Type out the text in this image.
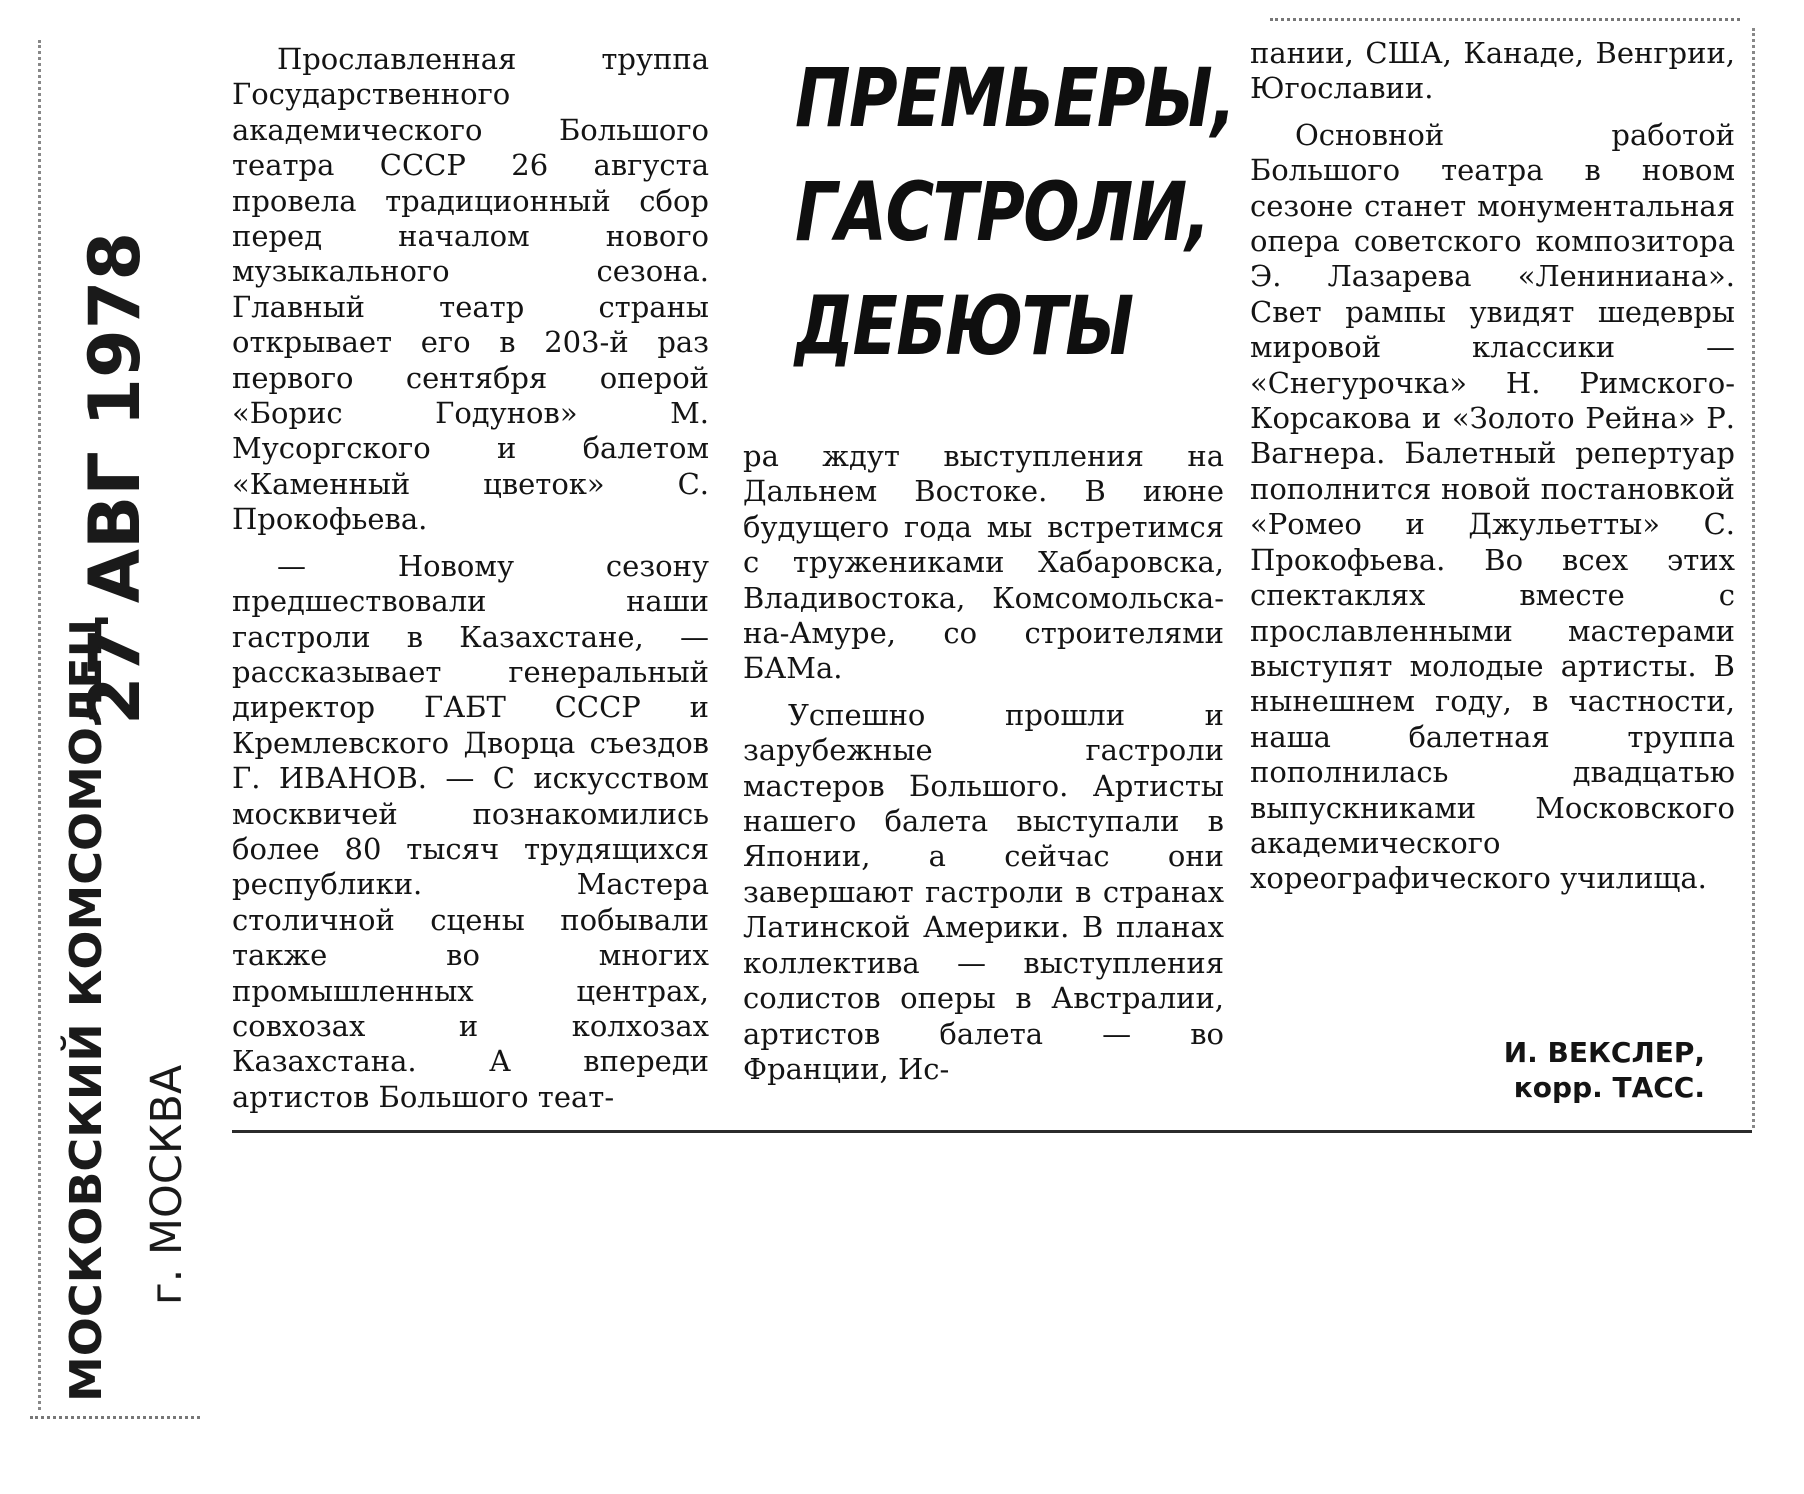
МОСКОВСКИЙ КОМСОМОЛЕЦ г. МОСКВА
27 АВГ 1978
ПРЕМЬЕРЫ,
ГАСТРОЛИ,
ДЕБЮТЫ

Прославленная труппа Государственного академического Большого театра СССР 26 августа провела традиционный сбор перед началом нового музыкального сезона. Главный театр страны открывает его в 203-й раз первого сентября оперой «Борис Годунов» М. Мусоргского и балетом «Каменный цветок» С. Прокофьева.

— Новому сезону предшествовали наши гастроли в Казахстане, — рассказывает генеральный директор ГАБТ СССР и Кремлевского Дворца съездов Г. ИВАНОВ. — С искусством москвичей познакомились более 80 тысяч трудящихся республики. Мастера столичной сцены побывали также во многих промышленных центрах, совхозах и колхозах Казахстана. А впереди артистов Большого теат-

ра ждут выступления на Дальнем Востоке. В июне будущего года мы встретимся с тружениками Хабаровска, Владивостока, Комсомольска-на-Амуре, со строителями БАМа.

Успешно прошли и зарубежные гастроли мастеров Большого. Артисты нашего балета выступали в Японии, а сейчас они завершают гастроли в странах Латинской Америки. В планах коллектива — выступления солистов оперы в Австралии, артистов балета — во Франции, Ис-

пании, США, Канаде, Венгрии, Югославии.

Основной работой Большого театра в новом сезоне станет монументальная опера советского композитора Э. Лазарева «Лениниана». Свет рампы увидят шедевры мировой классики — «Снегурочка» Н. Римского-Корсакова и «Золото Рейна» Р. Вагнера. Балетный репертуар пополнится новой постановкой «Ромео и Джульетты» С. Прокофьева. Во всех этих спектаклях вместе с прославленными мастерами выступят молодые артисты. В нынешнем году, в частности, наша балетная труппа пополнилась двадцатью выпускниками Московского академического хореографического училища.

И. ВЕКСЛЕР,
корр. ТАСС.
